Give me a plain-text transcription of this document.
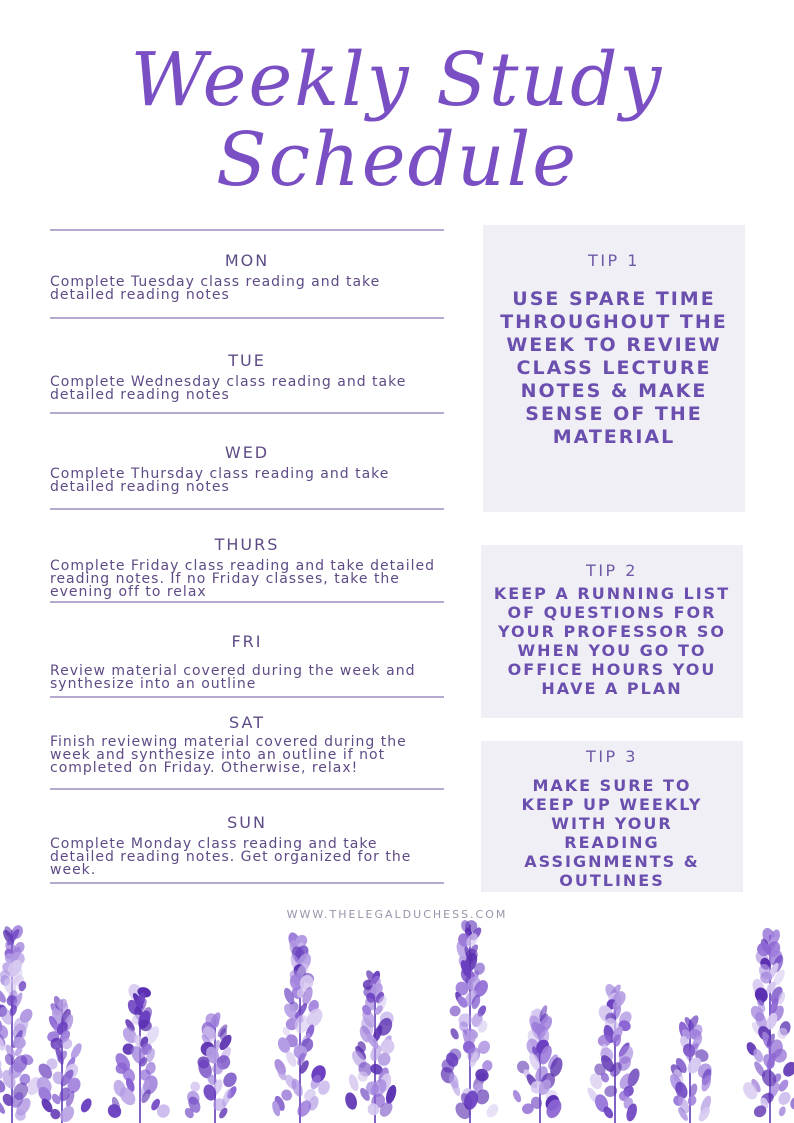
Weekly Study
Schedule
MON
Complete Tuesday class reading and take detailed reading notes
TUE
Complete Wednesday class reading and take detailed reading notes
WED
Complete Thursday class reading and take detailed reading notes
THURS
Complete Friday class reading and take detailed reading notes. If no Friday classes, take the evening off to relax
FRI
Review material covered during the week and synthesize into an outline
SAT
Finish reviewing material covered during the week and synthesize into an outline if not completed on Friday. Otherwise, relax!
SUN
Complete Monday class reading and take detailed reading notes. Get organized for the week.
TIP 1
USE SPARE TIME THROUGHOUT THE WEEK TO REVIEW CLASS LECTURE NOTES & MAKE SENSE OF THE MATERIAL
TIP 2
KEEP A RUNNING LIST OF QUESTIONS FOR YOUR PROFESSOR SO WHEN YOU GO TO OFFICE HOURS YOU HAVE A PLAN
TIP 3
MAKE SURE TO KEEP UP WEEKLY WITH YOUR READING ASSIGNMENTS & OUTLINES
WWW.THELEGALDUCHESS.COM
